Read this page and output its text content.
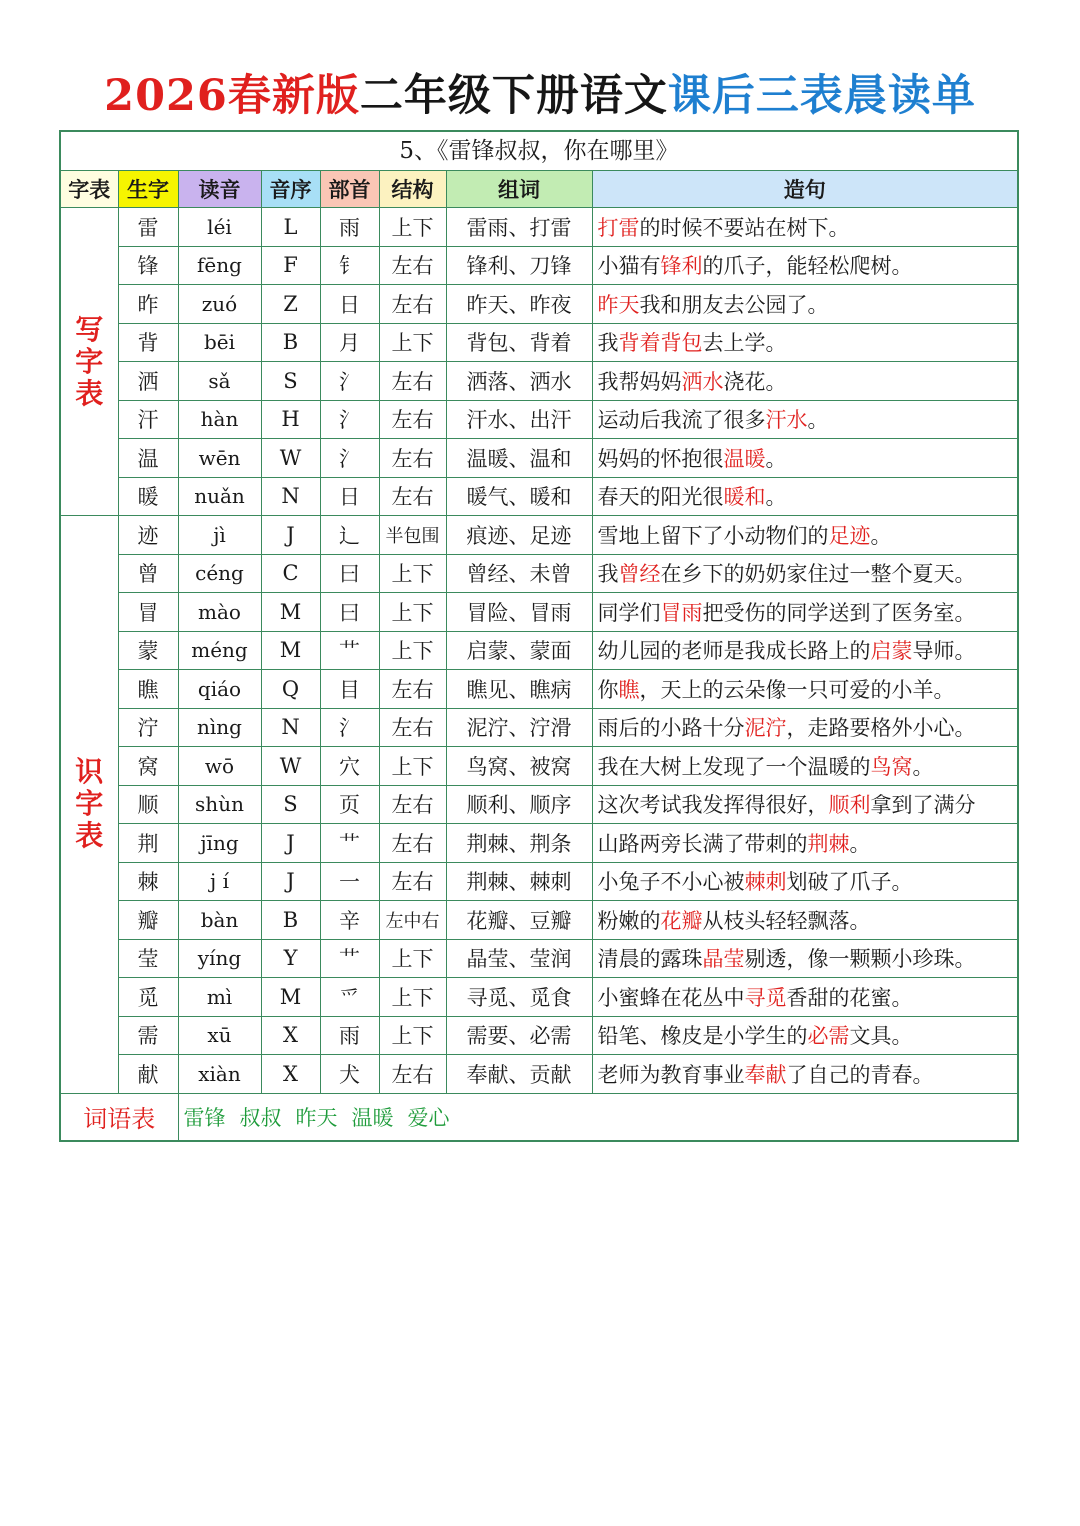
2026春新版二年级下册语文课后三表晨读单
5、《雷锋叔叔，你在哪里》
字表	生字	读音	音序	部首	结构	组词	造句

写字表	雷	léi	L	雨	上下	雷雨、打雷	打雷的时候不要站在树下。
	锋	fēng	F	钅	左右	锋利、刀锋	小猫有锋利的爪子，能轻松爬树。
	昨	zuó	Z	日	左右	昨天、昨夜	昨天我和朋友去公园了。
	背	bēi	B	月	上下	背包、背着	我背着背包去上学。
	洒	sǎ	S	氵	左右	洒落、洒水	我帮妈妈洒水浇花。
	汗	hàn	H	氵	左右	汗水、出汗	运动后我流了很多汗水。
	温	wēn	W	氵	左右	温暖、温和	妈妈的怀抱很温暖。
	暖	nuǎn	N	日	左右	暖气、暖和	春天的阳光很暖和。

识字表	迹	jì	J	辶	半包围	痕迹、足迹	雪地上留下了小动物们的足迹。
	曾	céng	C	曰	上下	曾经、未曾	我曾经在乡下的奶奶家住过一整个夏天。
	冒	mào	M	曰	上下	冒险、冒雨	同学们冒雨把受伤的同学送到了医务室。
	蒙	méng	M	艹	上下	启蒙、蒙面	幼儿园的老师是我成长路上的启蒙导师。
	瞧	qiáo	Q	目	左右	瞧见、瞧病	你瞧，天上的云朵像一只可爱的小羊。
	泞	nìng	N	氵	左右	泥泞、泞滑	雨后的小路十分泥泞，走路要格外小心。
	窝	wō	W	穴	上下	鸟窝、被窝	我在大树上发现了一个温暖的鸟窝。
	顺	shùn	S	页	左右	顺利、顺序	这次考试我发挥得很好，顺利拿到了满分
	荆	jīng	J	艹	左右	荆棘、荆条	山路两旁长满了带刺的荆棘。
	棘	j í	J	一	左右	荆棘、棘刺	小兔子不小心被棘刺划破了爪子。
	瓣	bàn	B	辛	左中右	花瓣、豆瓣	粉嫩的花瓣从枝头轻轻飘落。
	莹	yíng	Y	艹	上下	晶莹、莹润	清晨的露珠晶莹剔透，像一颗颗小珍珠。
	觅	mì	M	爫	上下	寻觅、觅食	小蜜蜂在花丛中寻觅香甜的花蜜。
	需	xū	X	雨	上下	需要、必需	铅笔、橡皮是小学生的必需文具。
	献	xiàn	X	犬	左右	奉献、贡献	老师为教育事业奉献了自己的青春。
词语表		雷锋 叔叔 昨天 温暖 爱心					
